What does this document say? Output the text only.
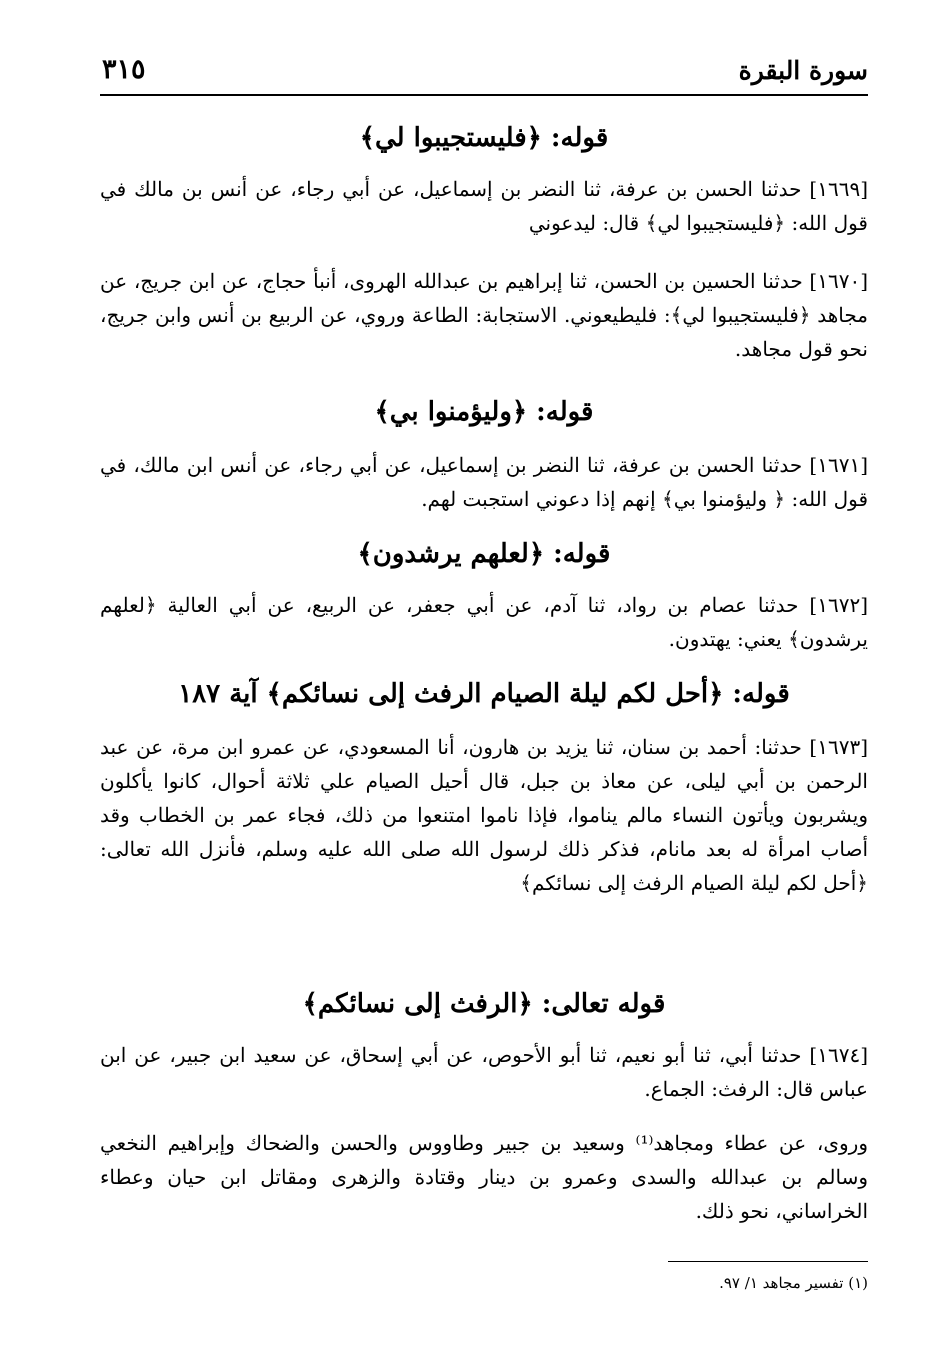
سورة البقرة
٣١٥
قوله: ﴿فليستجيبوا لي﴾
[١٦٦٩] حدثنا الحسن بن عرفة، ثنا النضر بن إسماعيل، عن أبي رجاء، عن أنس بن مالك في قول الله: ﴿فليستجيبوا لي﴾ قال: ليدعوني
[١٦٧٠] حدثنا الحسين بن الحسن، ثنا إبراهيم بن عبدالله الهروى، أنبأ حجاج، عن ابن جريج، عن مجاهد ﴿فليستجيبوا لي﴾: فليطيعوني. الاستجابة: الطاعة وروي، عن الربيع بن أنس وابن جريج، نحو قول مجاهد.
قوله: ﴿وليؤمنوا بي﴾
[١٦٧١] حدثنا الحسن بن عرفة، ثنا النضر بن إسماعيل، عن أبي رجاء، عن أنس ابن مالك، في قول الله: ﴿ وليؤمنوا بي﴾ إنهم إذا دعوني استجبت لهم.
قوله: ﴿لعلهم يرشدون﴾
[١٦٧٢] حدثنا عصام بن رواد، ثنا آدم، عن أبي جعفر، عن الربيع، عن أبي العالية ﴿لعلهم يرشدون﴾ يعني: يهتدون.
قوله: ﴿أحل لكم ليلة الصيام الرفث إلى نسائكم﴾ آية ١٨٧
[١٦٧٣] حدثنا: أحمد بن سنان، ثنا يزيد بن هارون، أنا المسعودي، عن عمرو ابن مرة، عن عبد الرحمن بن أبي ليلى، عن معاذ بن جبل، قال أحيل الصيام علي ثلاثة أحوال، كانوا يأكلون ويشربون ويأتون النساء مالم يناموا، فإذا ناموا امتنعوا من ذلك، فجاء عمر بن الخطاب وقد أصاب امرأة له بعد مانام، فذكر ذلك لرسول الله صلى الله عليه وسلم، فأنزل الله تعالى: ﴿أحل لكم ليلة الصيام الرفث إلى نسائكم﴾
قوله تعالى: ﴿الرفث إلى نسائكم﴾
[١٦٧٤] حدثنا أبي، ثنا أبو نعيم، ثنا أبو الأحوص، عن أبي إسحاق، عن سعيد ابن جبير، عن ابن عباس قال: الرفث: الجماع.
وروى، عن عطاء ومجاهد⁽¹⁾ وسعيد بن جبير وطاووس والحسن والضحاك وإبراهيم النخعي وسالم بن عبدالله والسدى وعمرو بن دينار وقتادة والزهرى ومقاتل ابن حيان وعطاء الخراساني، نحو ذلك.
(١) تفسير مجاهد ١/ ٩٧.
